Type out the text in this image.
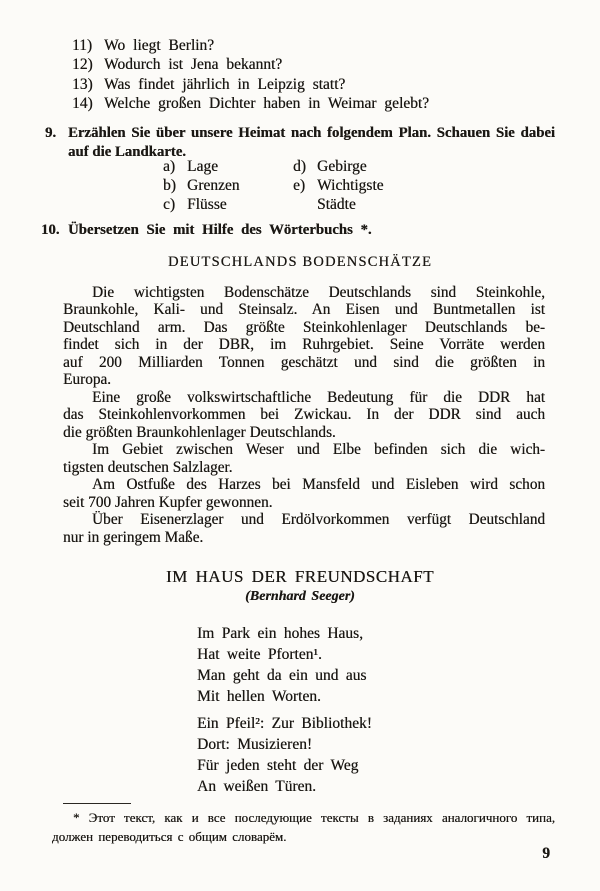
11) Wo liegt Berlin?
12) Wodurch ist Jena bekannt?
13) Was findet jährlich in Leipzig statt?
14) Welche großen Dichter haben in Weimar gelebt?
9. Erzählen Sie über unsere Heimat nach folgendem Plan. Schauen Sie dabei
auf die Landkarte.
a) Lage
b) Grenzen
c) Flüsse
d) Gebirge
e) Wichtigste
Städte
10. Übersetzen Sie mit Hilfe des Wörterbuchs *.
DEUTSCHLANDS BODENSCHÄTZE
Die wichtigsten Bodenschätze Deutschlands sind Steinkohle,
Braunkohle, Kali- und Steinsalz. An Eisen und Buntmetallen ist
Deutschland arm. Das größte Steinkohlenlager Deutschlands be-
findet sich in der DBR, im Ruhrgebiet. Seine Vorräte werden
auf 200 Milliarden Tonnen geschätzt und sind die größten in
Europa.
Eine große volkswirtschaftliche Bedeutung für die DDR hat
das Steinkohlenvorkommen bei Zwickau. In der DDR sind auch
die größten Braunkohlenlager Deutschlands.
Im Gebiet zwischen Weser und Elbe befinden sich die wich-
tigsten deutschen Salzlager.
Am Ostfuße des Harzes bei Mansfeld und Eisleben wird schon
seit 700 Jahren Kupfer gewonnen.
Über Eisenerzlager und Erdölvorkommen verfügt Deutschland
nur in geringem Maße.
IM HAUS DER FREUNDSCHAFT
(Bernhard Seeger)
Im Park ein hohes Haus,
Hat weite Pforten¹.
Man geht da ein und aus
Mit hellen Worten.
Ein Pfeil²: Zur Bibliothek!
Dort: Musizieren!
Für jeden steht der Weg
An weißen Türen.
* Этот текст, как и все последующие тексты в заданиях аналогичного типа, должен переводиться с общим словарём.
9
